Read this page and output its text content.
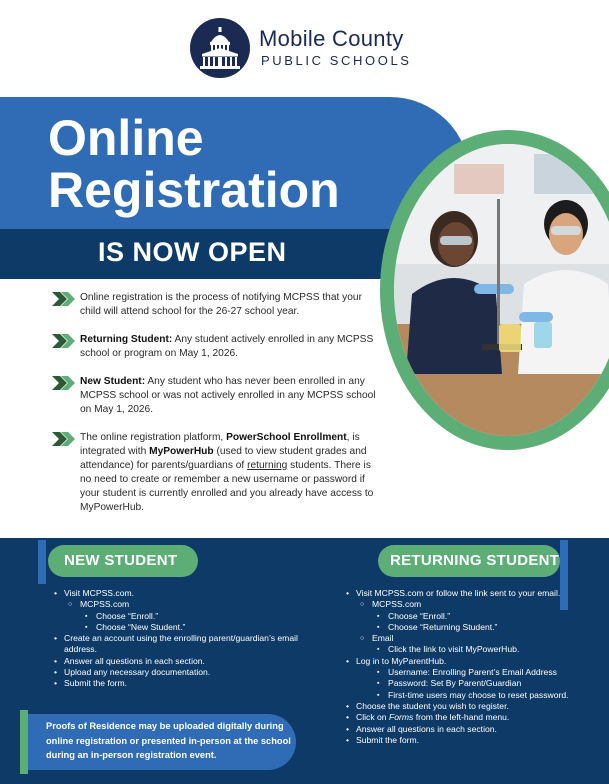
Mobile County
PUBLIC SCHOOLS
Online
Registration
IS NOW OPEN
Online registration is the process of notifying MCPSS that your child will attend school for the 26-27 school year.
Returning Student: Any student actively enrolled in any MCPSS school or program on May 1, 2026.
New Student: Any student who has never been enrolled in any MCPSS school or was not actively enrolled in any MCPSS school on May 1, 2026.
The online registration platform, PowerSchool Enrollment, is integrated with MyPowerHub (used to view student grades and attendance) for parents/guardians of returning students. There is no need to create or remember a new username or password if your student is currently enrolled and you already have access to MyPowerHub.
NEW STUDENT	RETURNING STUDENT
• Visit MCPSS.com.
○ MCPSS.com
▪ Choose “Enroll.”
▪ Choose “New Student.”
• Create an account using the enrolling parent/guardian’s email address.
• Answer all questions in each section.
• Upload any necessary documentation.
• Submit the form.
• Visit MCPSS.com or follow the link sent to your email.
○ MCPSS.com
▪ Choose “Enroll.”
▪ Choose “Returning Student.”
○ Email
▪ Click the link to visit MyPowerHub.
• Log in to MyParentHub.
▪ Username: Enrolling Parent’s Email Address
▪ Password: Set By Parent/Guardian
▪ First-time users may choose to reset password.
• Choose the student you wish to register.
• Click on Forms from the left-hand menu.
• Answer all questions in each section.
• Submit the form.
Proofs of Residence may be uploaded digitally during online registration or presented in-person at the school during an in-person registration event.
